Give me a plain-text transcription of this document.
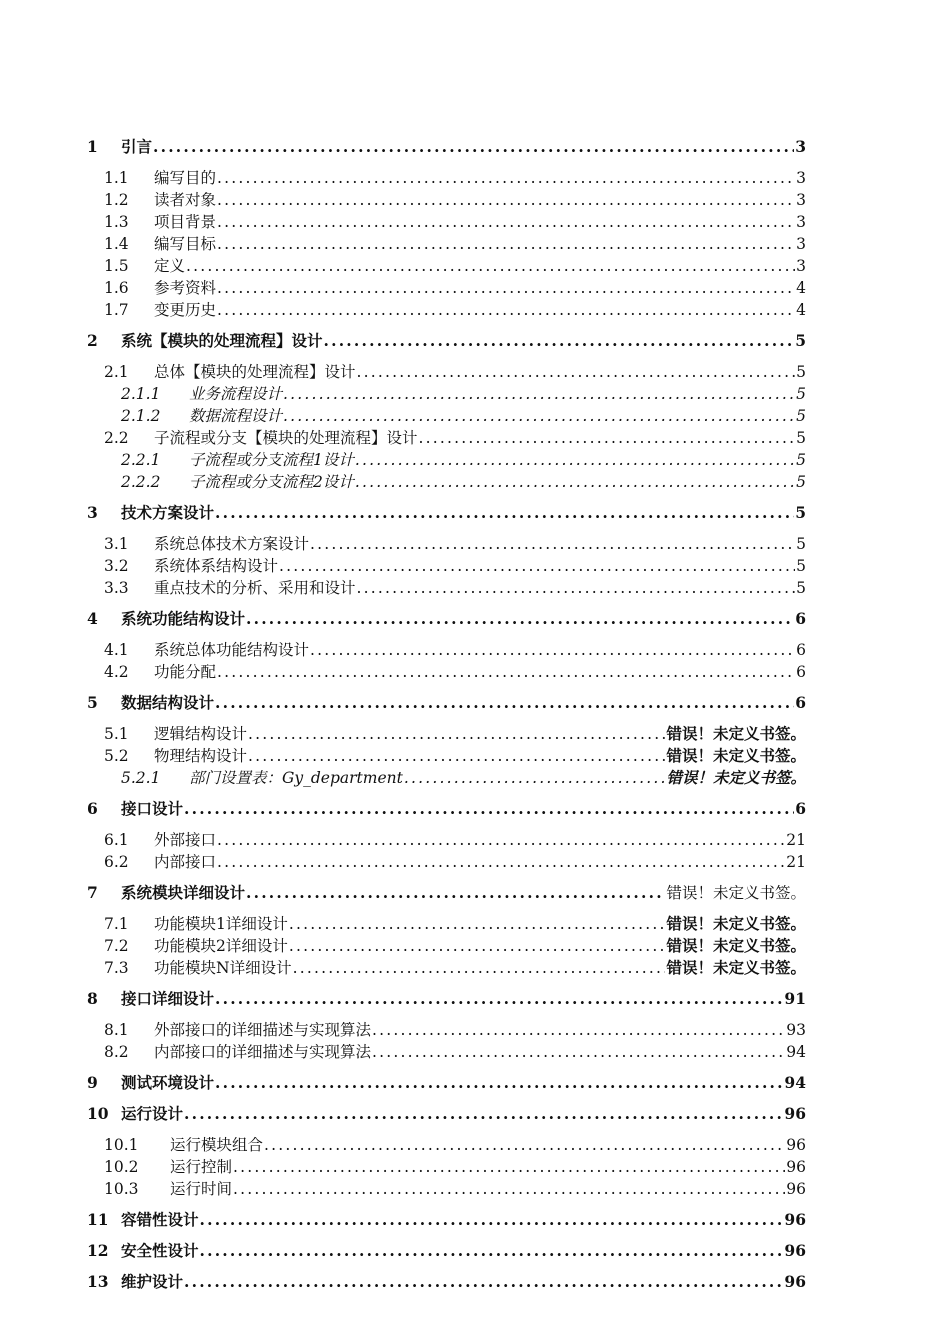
1 引言 .....	3
1.1 编写目的 .....	3
1.2 读者对象 .....	3
1.3 项目背景 .....	3
1.4 编写目标 .....	3
1.5 定义 .....	3
1.6 参考资料 .....	4
1.7 变更历史 .....	4
2 系统【模块的处理流程】设计 .....	5
2.1 总体【模块的处理流程】设计 .....	5
2.1.1 业务流程设计 .....	5
2.1.2 数据流程设计 .....	5
2.2 子流程或分支【模块的处理流程】设计 .....	5
2.2.1 子流程或分支流程1设计 .....	5
2.2.2 子流程或分支流程2设计 .....	5
3 技术方案设计 .....	5
3.1 系统总体技术方案设计 .....	5
3.2 系统体系结构设计 .....	5
3.3 重点技术的分析、采用和设计 .....	5
4 系统功能结构设计 .....	6
4.1 系统总体功能结构设计 .....	6
4.2 功能分配 .....	6
5 数据结构设计 .....	6
5.1 逻辑结构设计 .....	错误！未定义书签。
5.2 物理结构设计 .....	错误！未定义书签。
5.2.1 部门设置表：Gy_department .....	错误！未定义书签。
6 接口设计 .....	6
6.1 外部接口 .....	21
6.2 内部接口 .....	21
7 系统模块详细设计 .....	错误！未定义书签。
7.1 功能模块1详细设计 .....	错误！未定义书签。
7.2 功能模块2详细设计 .....	错误！未定义书签。
7.3 功能模块N详细设计 .....	错误！未定义书签。
8 接口详细设计 .....	91
8.1 外部接口的详细描述与实现算法 .....	93
8.2 内部接口的详细描述与实现算法 .....	94
9 测试环境设计 .....	94
10 运行设计 .....	96
10.1 运行模块组合 .....	96
10.2 运行控制 .....	96
10.3 运行时间 .....	96
11 容错性设计 .....	96
12 安全性设计 .....	96
13 维护设计 .....	96
